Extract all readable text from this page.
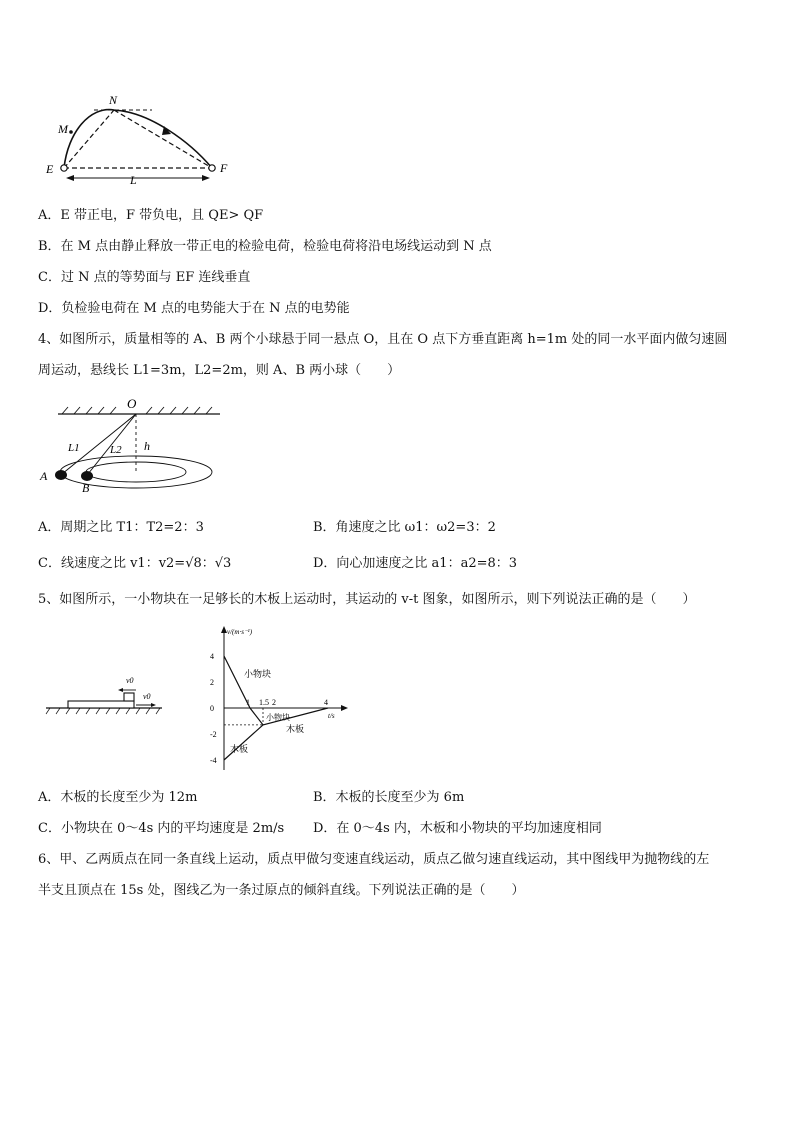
N
M
E	F
L
A．E 带正电，F 带负电，且 QE> QF
B．在 M 点由静止释放一带正电的检验电荷，检验电荷将沿电场线运动到 N 点
C．过 N 点的等势面与 EF 连线垂直
D．负检验电荷在 M 点的电势能大于在 N 点的电势能
4、如图所示，质量相等的 A、B 两个小球悬于同一悬点 O，且在 O 点下方垂直距离 h=1m 处的同一水平面内做匀速圆
周运动，悬线长 L1=3m，L2=2m，则 A、B 两小球（　　）
O
L1	L2 h
A
B
A．周期之比 T1：T2=2：3	B．角速度之比 ω1：ω2=3：2
C．线速度之比 v1：v2=√8：√3	D．向心加速度之比 a1：a2=8：3
5、如图所示，一小物块在一足够长的木板上运动时，其运动的 v-t 图象，如图所示，则下列说法正确的是（　　）
v0
v0
v/(m·s⁻¹)
t/s
1 1.5 2	4
4
2
0
-2
-4
小物块
小物块
木板
木板
A．木板的长度至少为 12m	B．木板的长度至少为 6m
C．小物块在 0～4s 内的平均速度是 2m/s D．在 0～4s 内，木板和小物块的平均加速度相同
6、甲、乙两质点在同一条直线上运动，质点甲做匀变速直线运动，质点乙做匀速直线运动，其中图线甲为抛物线的左
半支且顶点在 15s 处，图线乙为一条过原点的倾斜直线。下列说法正确的是（　　）
